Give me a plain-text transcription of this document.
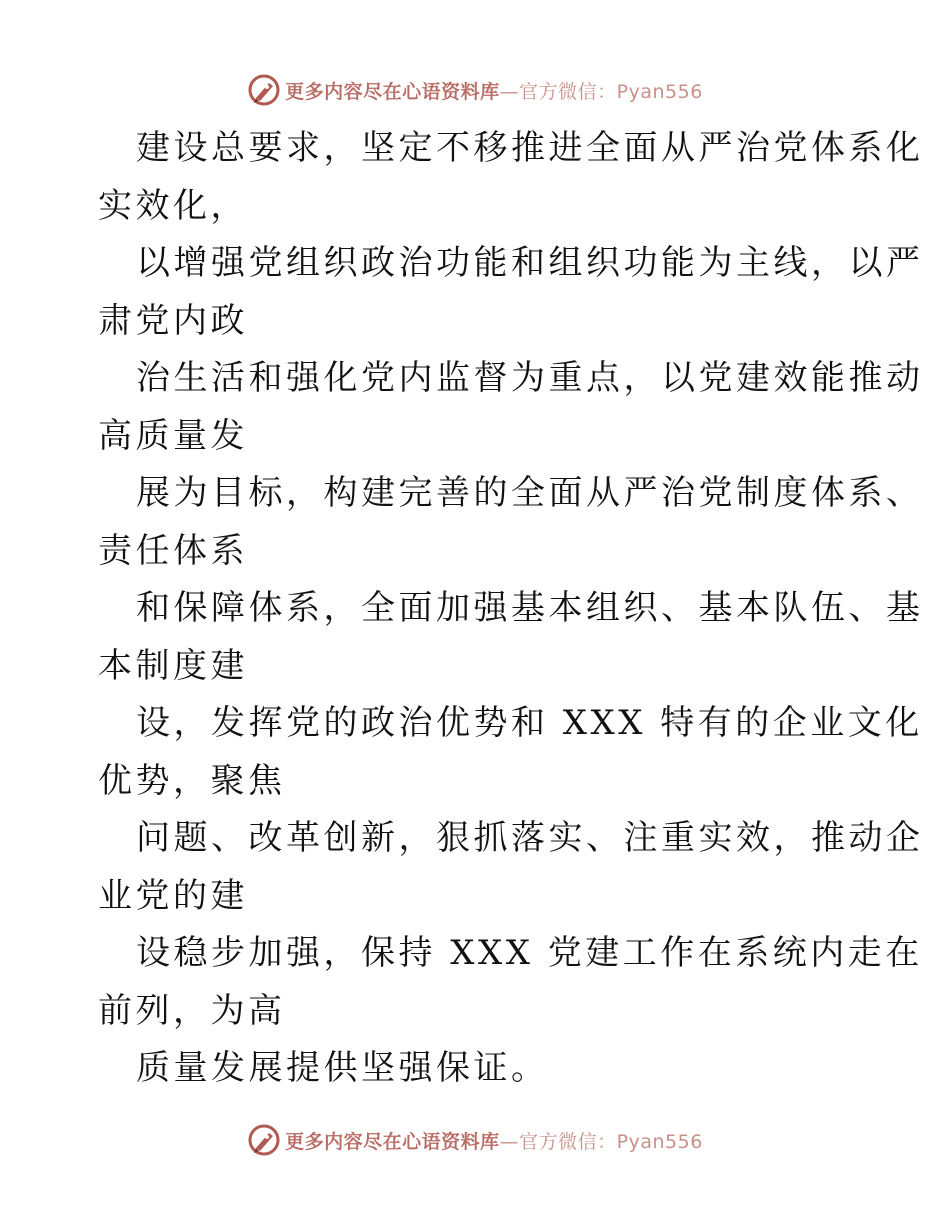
更多内容尽在心语资料库—官方微信：Pyan556

建设总要求，坚定不移推进全面从严治党体系化

实效化，

以增强党组织政治功能和组织功能为主线，以严

肃党内政

治生活和强化党内监督为重点，以党建效能推动

高质量发

展为目标，构建完善的全面从严治党制度体系、

责任体系

和保障体系，全面加强基本组织、基本队伍、基

本制度建

设，发挥党的政治优势和 XXX 特有的企业文化

优势，聚焦

问题、改革创新，狠抓落实、注重实效，推动企

业党的建

设稳步加强，保持 XXX 党建工作在系统内走在

前列，为高

质量发展提供坚强保证。

更多内容尽在心语资料库—官方微信：Pyan556
